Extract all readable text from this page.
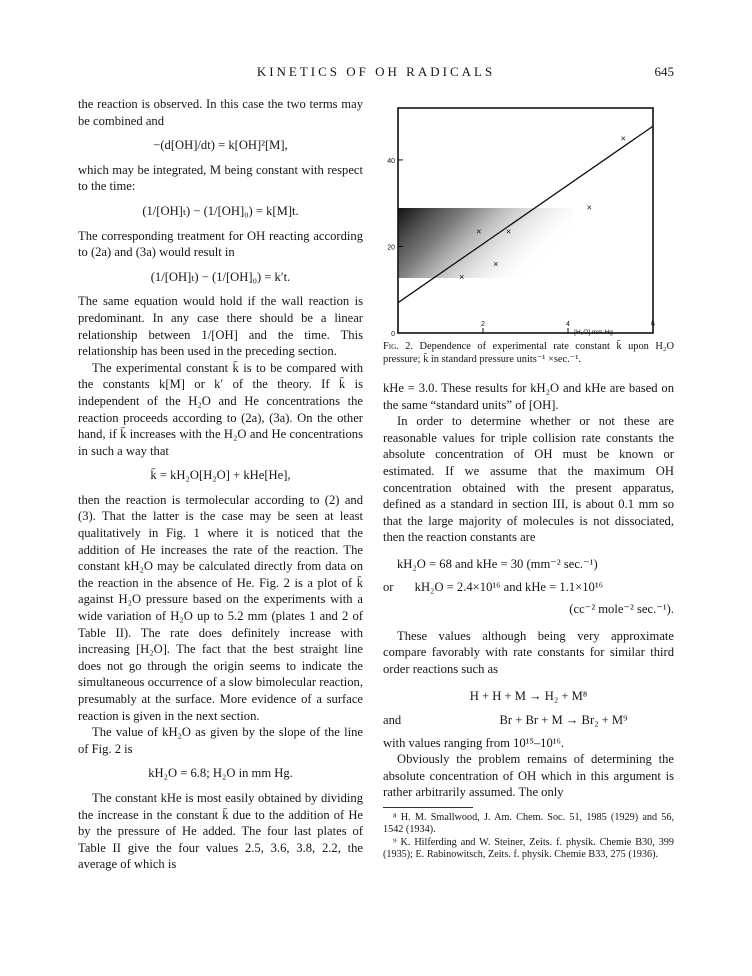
KINETICS OF OH RADICALS	645

the reaction is observed. In this case the two terms may be combined and

−(d[OH]/dt) = k[OH]²[M],

which may be integrated, M being constant with respect to the time:

(1/[OH]ₜ) − (1/[OH]₀) = k[M]t.

The corresponding treatment for OH reacting according to (2a) and (3a) would result in

(1/[OH]ₜ) − (1/[OH]₀) = k′t.

The same equation would hold if the wall reaction is predominant. In any case there should be a linear relationship between 1/[OH] and the time. This relationship has been used in the preceding section.

The experimental constant k̄ is to be compared with the constants k[M] or k′ of the theory. If k̄ is independent of the H₂O and He concentrations the reaction proceeds according to (2a), (3a). On the other hand, if k̄ increases with the H₂O and He concentrations in such a way that

k̄ = kH₂O[H₂O] + kHe[He],

then the reaction is termolecular according to (2) and (3). That the latter is the case may be seen at least qualitatively in Fig. 1 where it is noticed that the addition of He increases the rate of the reaction. The constant kH₂O may be calculated directly from data on the reaction in the absence of He. Fig. 2 is a plot of k̄ against H₂O pressure based on the experiments with a wide variation of H₂O up to 5.2 mm (plates 1 and 2 of Table II). The rate does definitely increase with increasing [H₂O]. The fact that the best straight line does not go through the origin seems to indicate the simultaneous occurrence of a slow bimolecular reaction, presumably at the surface. More evidence of a surface reaction is given in the next section.

The value of kH₂O as given by the slope of the line of Fig. 2 is

kH₂O = 6.8; H₂O in mm Hg.

The constant kHe is most easily obtained by dividing the increase in the constant k̄ due to the addition of He by the pressure of He added. The four last plates of Table II give the four values 2.5, 3.6, 3.8, 2.2, the average of which is

0
20
40
2	4	6
[H₂O] mm Hg
×
×
×
×
×
×
Fig. 2. Dependence of experimental rate constant k̄ upon H₂O pressure; k̄ in standard pressure units⁻¹ ×sec.⁻¹.

kHe = 3.0. These results for kH₂O and kHe are based on the same “standard units” of [OH].

In order to determine whether or not these are reasonable values for triple collision rate constants the absolute concentration of OH must be known or estimated. If we assume that the maximum OH concentration obtained with the present apparatus, defined as a standard in section III, is about 0.1 mm so that the large majority of molecules is not dissociated, then the reaction constants are

kH₂O = 68 and kHe = 30 (mm⁻² sec.⁻¹)
or kH₂O = 2.4×10¹⁶ and kHe = 1.1×10¹⁶
(cc⁻² mole⁻² sec.⁻¹).

These values although being very approximate compare favorably with rate constants for similar third order reactions such as

H + H + M → H₂ + M⁸
and	Br + Br + M → Br₂ + M⁹

with values ranging from 10¹⁵–10¹⁶.

Obviously the problem remains of determining the absolute concentration of OH which in this argument is rather arbitrarily assumed. The only

⁸ H. M. Smallwood, J. Am. Chem. Soc. 51, 1985 (1929) and 56, 1542 (1934).

⁹ K. Hilferding and W. Steiner, Zeits. f. physik. Chemie B30, 399 (1935); E. Rabinowitsch, Zeits. f. physik. Chemie B33, 275 (1936).
